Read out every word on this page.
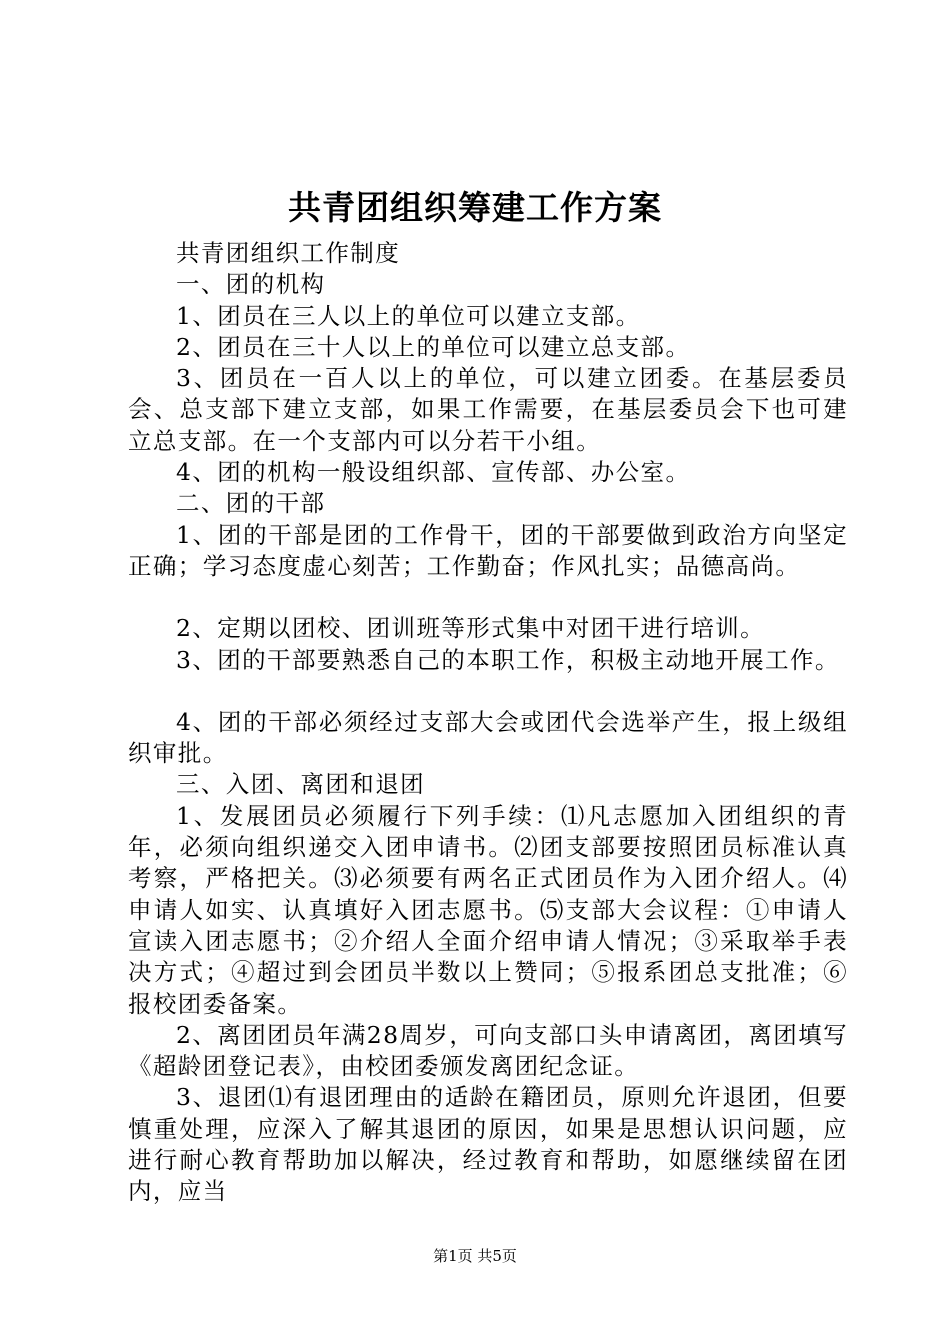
共青团组织筹建工作方案

共青团组织工作制度

一、团的机构

1、团员在三人以上的单位可以建立支部。

2、团员在三十人以上的单位可以建立总支部。

3、团员在一百人以上的单位，可以建立团委。在基层委员会、总支部下建立支部，如果工作需要，在基层委员会下也可建立总支部。在一个支部内可以分若干小组。

4、团的机构一般设组织部、宣传部、办公室。

二、团的干部

1、团的干部是团的工作骨干，团的干部要做到政治方向坚定正确；学习态度虚心刻苦；工作勤奋；作风扎实；品德高尚。

2、定期以团校、团训班等形式集中对团干进行培训。

3、团的干部要熟悉自己的本职工作，积极主动地开展工作。

4、团的干部必须经过支部大会或团代会选举产生，报上级组织审批。

三、入团、离团和退团

1、发展团员必须履行下列手续：⑴凡志愿加入团组织的青年，必须向组织递交入团申请书。⑵团支部要按照团员标准认真考察，严格把关。⑶必须要有两名正式团员作为入团介绍人。⑷申请人如实、认真填好入团志愿书。⑸支部大会议程：①申请人宣读入团志愿书；②介绍人全面介绍申请人情况；③采取举手表决方式；④超过到会团员半数以上赞同；⑤报系团总支批准；⑥报校团委备案。

2、离团团员年满28周岁，可向支部口头申请离团，离团填写《超龄团登记表》，由校团委颁发离团纪念证。

3、退团⑴有退团理由的适龄在籍团员，原则允许退团，但要慎重处理，应深入了解其退团的原因，如果是思想认识问题，应进行耐心教育帮助加以解决，经过教育和帮助，如愿继续留在团内，应当

第1页 共5页
